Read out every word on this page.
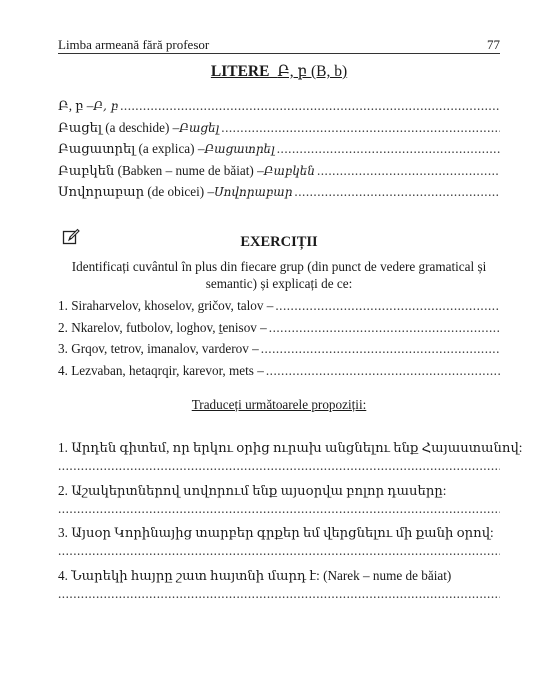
Limba armeană fără profesor	77
LITERE Բ, բ (B, b)
Բ, բ – Բ, բ
.....
Բացել (a deschide) – Բացել
.....
Բացատրել (a explica) – Բացատրել
.....
Բաբկեն (Babken – nume de băiat) – Բաբկեն
.....
Սովորաբար (de obicei) – Սովորաբար
.....
EXERCIȚII
Identificați cuvântul în plus din fiecare grup (din punct de vedere gramatical și
semantic) și explicați de ce:
1. Siraharvelov, khoselov, gričov, talov –
.....
2. Nkarelov, futbolov, loghov, ṯenisov –
.....
3. Grqov, tetrov, imanalov, varderov –
.....
4. Lezvaban, hetaqrqir, karevor, mets –
.....
Traduceți următoarele propoziții:
1. Արդեն գիտեմ, որ երկու օրից ուրախ անցնելու ենք Հայաստանով:
.....
2. Աշակերտներով սովորում ենք այսօրվա բոլոր դասերը:
.....
3. Այսօր Կորինայից տարբեր գրքեր եմ վերցնելու մի քանի օրով:
.....
4. Նարեկի հայրը շատ հայտնի մարդ է: (Narek – nume de băiat)
.....
